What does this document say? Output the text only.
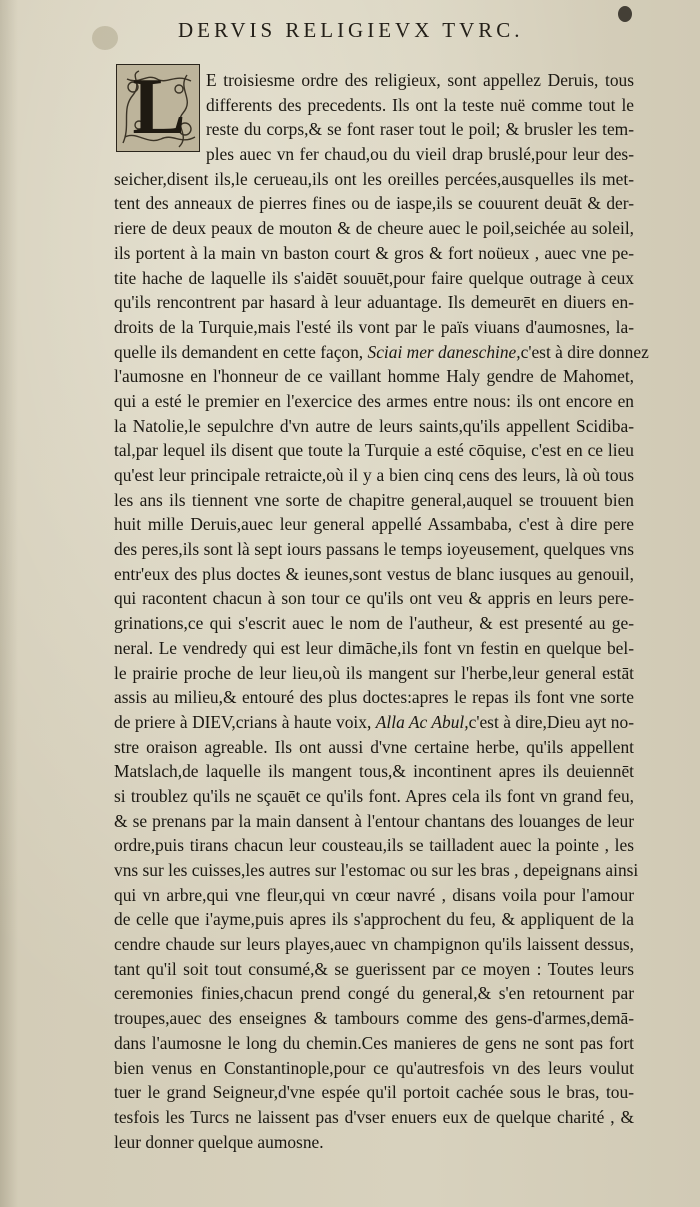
DERVIS RELIGIEVX TVRC.
L	E troisiesme ordre des religieux, sont appellez Deruis, tous
differents des precedents. Ils ont la teste nuë comme tout le
reste du corps,& se font raser tout le poil; & brusler les tem-
ples auec vn fer chaud,ou du vieil drap bruslé,pour leur des-
seicher,disent ils,le cerueau,ils ont les oreilles percées,ausquelles ils met-
tent des anneaux de pierres fines ou de iaspe,ils se couurent deuāt & der-
riere de deux peaux de mouton & de cheure auec le poil,seichée au soleil,
ils portent à la main vn baston court & gros & fort noüeux , auec vne pe-
tite hache de laquelle ils s'aidēt souuēt,pour faire quelque outrage à ceux
qu'ils rencontrent par hasard à leur aduantage. Ils demeurēt en diuers en-
droits de la Turquie,mais l'esté ils vont par le païs viuans d'aumosnes, la-
quelle ils demandent en cette façon, Sciai mer daneschine,c'est à dire donnez
l'aumosne en l'honneur de ce vaillant homme Haly gendre de Mahomet,
qui a esté le premier en l'exercice des armes entre nous: ils ont encore en
la Natolie,le sepulchre d'vn autre de leurs saints,qu'ils appellent Scidiba-
tal,par lequel ils disent que toute la Turquie a esté cōquise, c'est en ce lieu
qu'est leur principale retraicte,où il y a bien cinq cens des leurs, là où tous
les ans ils tiennent vne sorte de chapitre general,auquel se trouuent bien
huit mille Deruis,auec leur general appellé Assambaba, c'est à dire pere
des peres,ils sont là sept iours passans le temps ioyeusement, quelques vns
entr'eux des plus doctes & ieunes,sont vestus de blanc iusques au genouil,
qui racontent chacun à son tour ce qu'ils ont veu & appris en leurs pere-
grinations,ce qui s'escrit auec le nom de l'autheur, & est presenté au ge-
neral. Le vendredy qui est leur dimāche,ils font vn festin en quelque bel-
le prairie proche de leur lieu,où ils mangent sur l'herbe,leur general estāt
assis au milieu,& entouré des plus doctes:apres le repas ils font vne sorte
de priere à DIEV,crians à haute voix, Alla Ac Abul,c'est à dire,Dieu ayt no-
stre oraison agreable. Ils ont aussi d'vne certaine herbe, qu'ils appellent
Matslach,de laquelle ils mangent tous,& incontinent apres ils deuiennēt
si troublez qu'ils ne sçauēt ce qu'ils font. Apres cela ils font vn grand feu,
& se prenans par la main dansent à l'entour chantans des louanges de leur
ordre,puis tirans chacun leur cousteau,ils se tailladent auec la pointe , les
vns sur les cuisses,les autres sur l'estomac ou sur les bras , depeignans ainsi
qui vn arbre,qui vne fleur,qui vn cœur navré , disans voila pour l'amour
de celle que i'ayme,puis apres ils s'approchent du feu, & appliquent de la
cendre chaude sur leurs playes,auec vn champignon qu'ils laissent dessus,
tant qu'il soit tout consumé,& se guerissent par ce moyen : Toutes leurs
ceremonies finies,chacun prend congé du general,& s'en retournent par
troupes,auec des enseignes & tambours comme des gens-d'armes,demā-
dans l'aumosne le long du chemin.Ces manieres de gens ne sont pas fort
bien venus en Constantinople,pour ce qu'autresfois vn des leurs voulut
tuer le grand Seigneur,d'vne espée qu'il portoit cachée sous le bras, tou-
tesfois les Turcs ne laissent pas d'vser enuers eux de quelque charité , &
leur donner quelque aumosne.
